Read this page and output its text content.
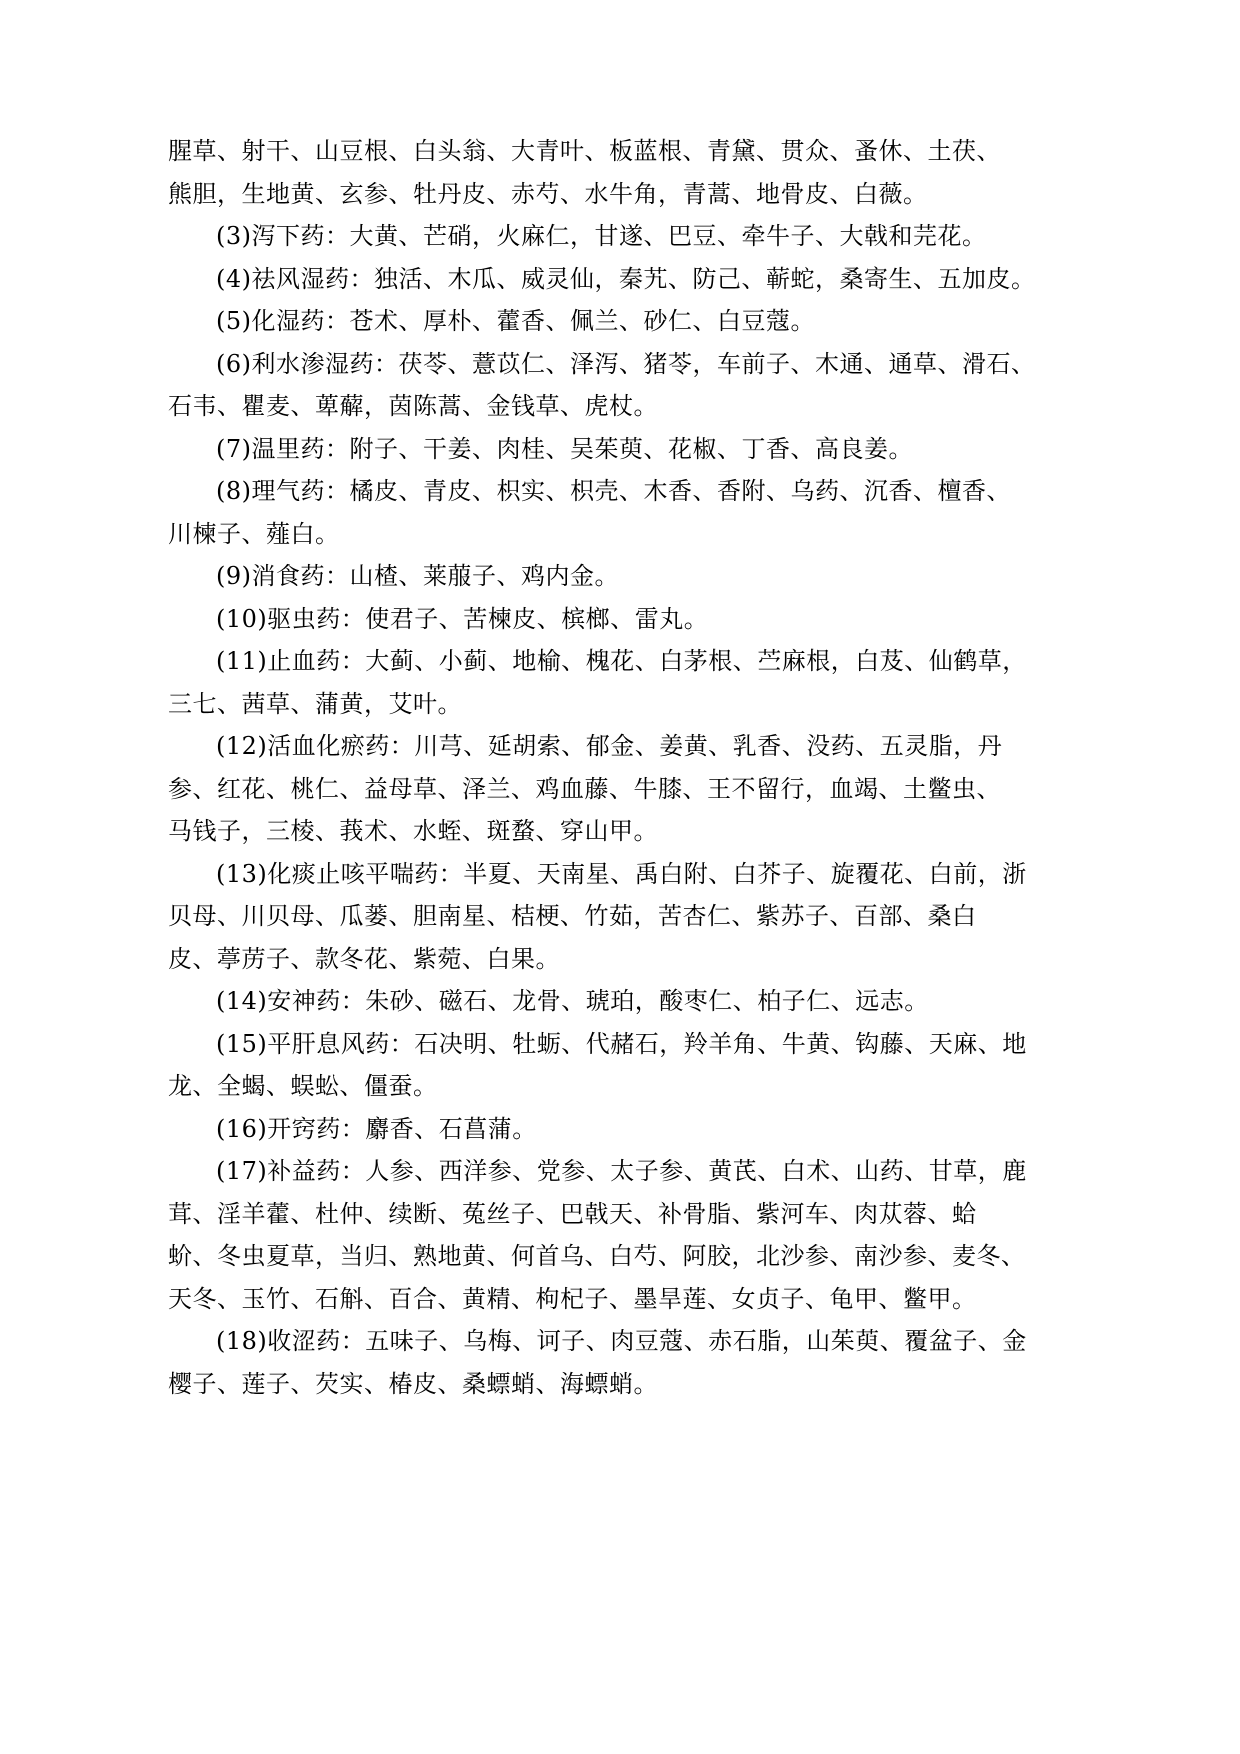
腥草、射干、山豆根、白头翁、大青叶、板蓝根、青黛、贯众、蚤休、土茯、
熊胆，生地黄、玄参、牡丹皮、赤芍、水牛角，青蒿、地骨皮、白薇。
(3)泻下药：大黄、芒硝，火麻仁，甘遂、巴豆、牵牛子、大戟和芫花。
(4)祛风湿药：独活、木瓜、威灵仙，秦艽、防己、蕲蛇，桑寄生、五加皮。
(5)化湿药：苍术、厚朴、藿香、佩兰、砂仁、白豆蔻。
(6)利水渗湿药：茯苓、薏苡仁、泽泻、猪苓，车前子、木通、通草、滑石、
石韦、瞿麦、萆薢，茵陈蒿、金钱草、虎杖。
(7)温里药：附子、干姜、肉桂、吴茱萸、花椒、丁香、高良姜。
(8)理气药：橘皮、青皮、枳实、枳壳、木香、香附、乌药、沉香、檀香、
川楝子、薤白。
(9)消食药：山楂、莱菔子、鸡内金。
(10)驱虫药：使君子、苦楝皮、槟榔、雷丸。
(11)止血药：大蓟、小蓟、地榆、槐花、白茅根、苎麻根，白芨、仙鹤草，
三七、茜草、蒲黄，艾叶。
(12)活血化瘀药：川芎、延胡索、郁金、姜黄、乳香、没药、五灵脂，丹
参、红花、桃仁、益母草、泽兰、鸡血藤、牛膝、王不留行，血竭、土鳖虫、
马钱子，三棱、莪术、水蛭、斑蝥、穿山甲。
(13)化痰止咳平喘药：半夏、天南星、禹白附、白芥子、旋覆花、白前，浙
贝母、川贝母、瓜蒌、胆南星、桔梗、竹茹，苦杏仁、紫苏子、百部、桑白
皮、葶苈子、款冬花、紫菀、白果。
(14)安神药：朱砂、磁石、龙骨、琥珀，酸枣仁、柏子仁、远志。
(15)平肝息风药：石决明、牡蛎、代赭石，羚羊角、牛黄、钩藤、天麻、地
龙、全蝎、蜈蚣、僵蚕。
(16)开窍药：麝香、石菖蒲。
(17)补益药：人参、西洋参、党参、太子参、黄芪、白术、山药、甘草，鹿
茸、淫羊藿、杜仲、续断、菟丝子、巴戟天、补骨脂、紫河车、肉苁蓉、蛤
蚧、冬虫夏草，当归、熟地黄、何首乌、白芍、阿胶，北沙参、南沙参、麦冬、
天冬、玉竹、石斛、百合、黄精、枸杞子、墨旱莲、女贞子、龟甲、鳖甲。
(18)收涩药：五味子、乌梅、诃子、肉豆蔻、赤石脂，山茱萸、覆盆子、金
樱子、莲子、芡实、椿皮、桑螵蛸、海螵蛸。
